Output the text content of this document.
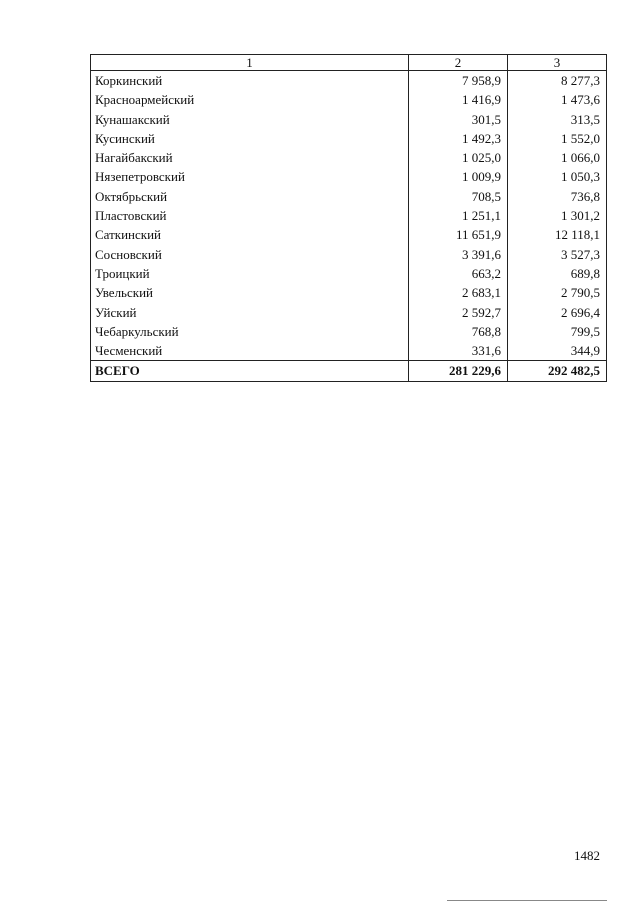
1	2	3
Коркинский	7 958,9	8 277,3
Красноармейский	1 416,9	1 473,6
Кунашакский	301,5	313,5
Кусинский	1 492,3	1 552,0
Нагайбакский	1 025,0	1 066,0
Нязепетровский	1 009,9	1 050,3
Октябрьский	708,5	736,8
Пластовский	1 251,1	1 301,2
Саткинский	11 651,9	12 118,1
Сосновский	3 391,6	3 527,3
Троицкий	663,2	689,8
Увельский	2 683,1	2 790,5
Уйский	2 592,7	2 696,4
Чебаркульский	768,8	799,5
Чесменский	331,6	344,9
ВСЕГО	281 229,6	292 482,5
1482
